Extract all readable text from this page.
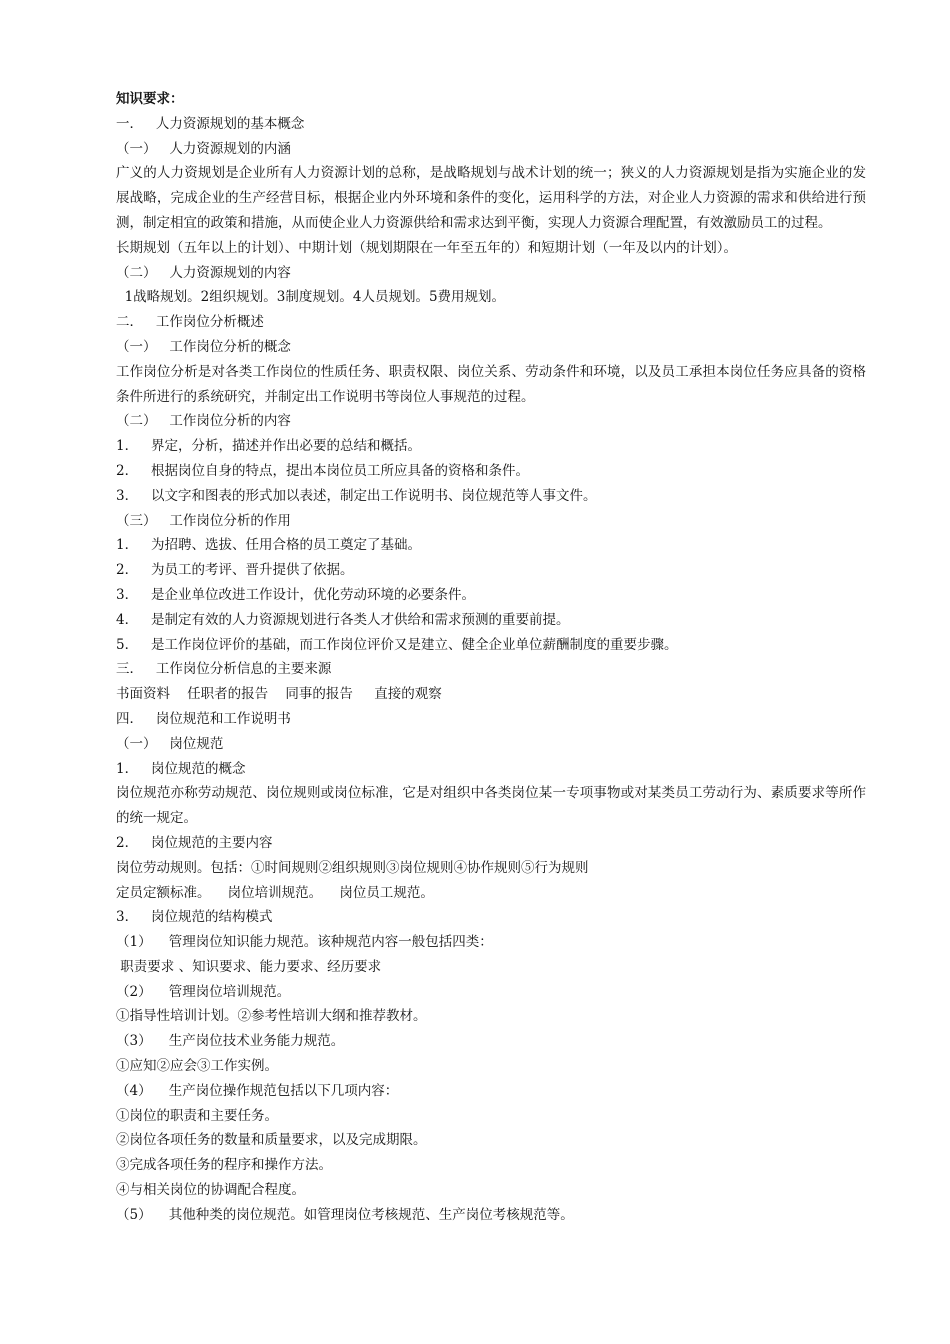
知识要求：
一．   人力资源规划的基本概念
（一）   人力资源规划的内涵
广义的人力资规划是企业所有人力资源计划的总称，是战略规划与战术计划的统一；狭义的人力资源规划是指为实施企业的发展战略，完成企业的生产经营目标，根据企业内外环境和条件的变化，运用科学的方法，对企业人力资源的需求和供给进行预测，制定相宜的政策和措施，从而使企业人力资源供给和需求达到平衡，实现人力资源合理配置，有效激励员工的过程。
长期规划（五年以上的计划）、中期计划（规划期限在一年至五年的）和短期计划（一年及以内的计划）。
（二）   人力资源规划的内容
1战略规划。2组织规划。3制度规划。4人员规划。5费用规划。
二．   工作岗位分析概述
（一）   工作岗位分析的概念
工作岗位分析是对各类工作岗位的性质任务、职责权限、岗位关系、劳动条件和环境，以及员工承担本岗位任务应具备的资格条件所进行的系统研究，并制定出工作说明书等岗位人事规范的过程。
（二）   工作岗位分析的内容
1．   界定，分析，描述并作出必要的总结和概括。
2．   根据岗位自身的特点，提出本岗位员工所应具备的资格和条件。
3．   以文字和图表的形式加以表述，制定出工作说明书、岗位规范等人事文件。
（三）   工作岗位分析的作用
1．   为招聘、选拔、任用合格的员工奠定了基础。
2．   为员工的考评、晋升提供了依据。
3．   是企业单位改进工作设计，优化劳动环境的必要条件。
4．   是制定有效的人力资源规划进行各类人才供给和需求预测的重要前提。
5．   是工作岗位评价的基础，而工作岗位评价又是建立、健全企业单位薪酬制度的重要步骤。
三．   工作岗位分析信息的主要来源
书面资料    任职者的报告    同事的报告     直接的观察
四．   岗位规范和工作说明书
（一）   岗位规范
1．   岗位规范的概念
岗位规范亦称劳动规范、岗位规则或岗位标准，它是对组织中各类岗位某一专项事物或对某类员工劳动行为、素质要求等所作的统一规定。
2．   岗位规范的主要内容
岗位劳动规则。包括：①时间规则②组织规则③岗位规则④协作规则⑤行为规则
定员定额标准。    岗位培训规范。    岗位员工规范。
3．   岗位规范的结构模式
（1）    管理岗位知识能力规范。该种规范内容一般包括四类：
职责要求 、知识要求、能力要求、经历要求
（2）    管理岗位培训规范。
①指导性培训计划。②参考性培训大纲和推荐教材。
（3）    生产岗位技术业务能力规范。
①应知②应会③工作实例。
（4）    生产岗位操作规范包括以下几项内容：
①岗位的职责和主要任务。
②岗位各项任务的数量和质量要求，以及完成期限。
③完成各项任务的程序和操作方法。
④与相关岗位的协调配合程度。
（5）    其他种类的岗位规范。如管理岗位考核规范、生产岗位考核规范等。
